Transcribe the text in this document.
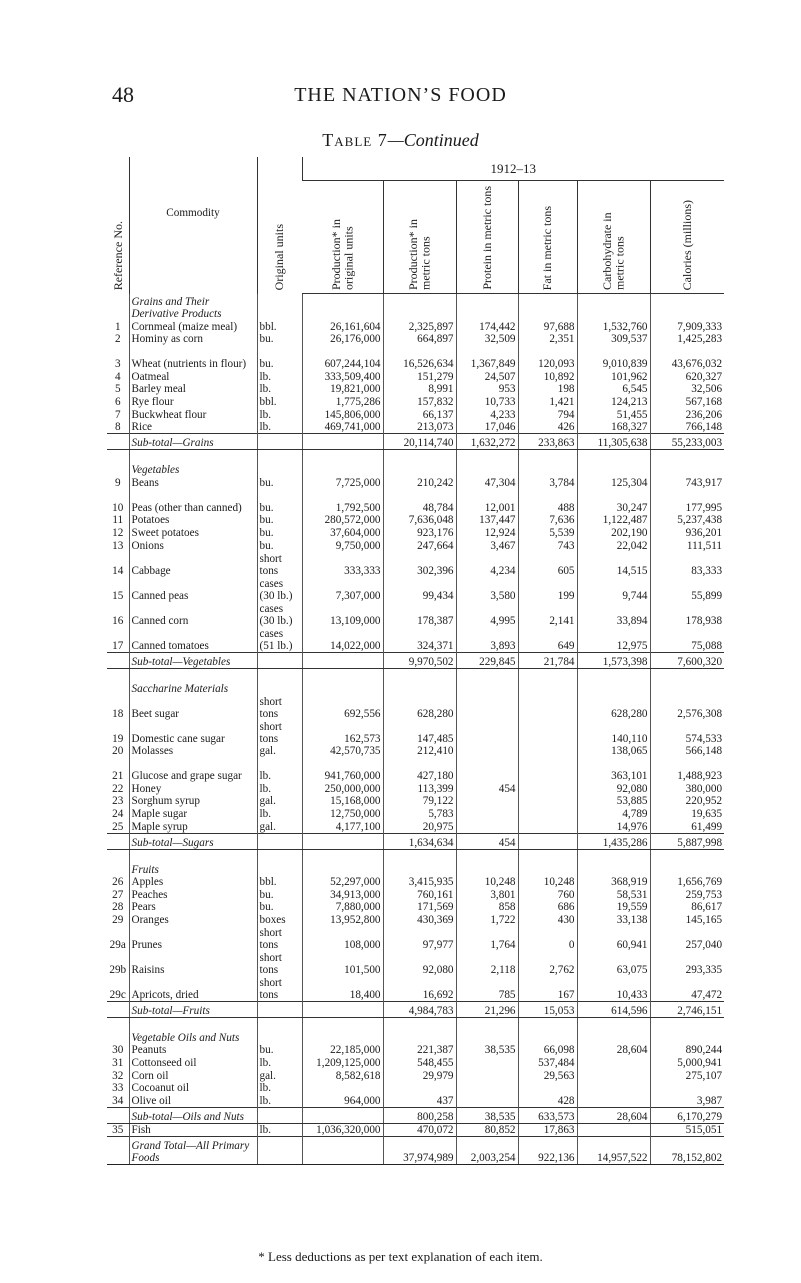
48	THE NATION’S FOOD
Table 7—Continued
Reference No.	Commodity	Original units	1912–13					
			Production* in original units	Production* in metric tons	Protein in metric tons	Fat in metric tons	Carbohydrate in metric tons	Calories (millions)
	Grains and Their Derivative Products							
1	Cornmeal (maize meal)	bbl.	26,161,604	2,325,897	174,442	97,688	1,532,760	7,909,333
2	Hominy as corn	bu.	26,176,000	664,897	32,509	2,351	309,537	1,425,283
3	Wheat (nutrients in flour)	bu.	607,244,104	16,526,634	1,367,849	120,093	9,010,839	43,676,032
4	Oatmeal	lb.	333,509,400	151,279	24,507	10,892	101,962	620,327
5	Barley meal	lb.	19,821,000	8,991	953	198	6,545	32,506
6	Rye flour	bbl.	1,775,286	157,832	10,733	1,421	124,213	567,168
7	Buckwheat flour	lb.	145,806,000	66,137	4,233	794	51,455	236,206
8	Rice	lb.	469,741,000	213,073	17,046	426	168,327	766,148
	Sub-total—Grains			20,114,740	1,632,272	233,863	11,305,638	55,233,003
	Vegetables							
9	Beans	bu.	7,725,000	210,242	47,304	3,784	125,304	743,917
10	Peas (other than canned)	bu.	1,792,500	48,784	12,001	488	30,247	177,995
11	Potatoes	bu.	280,572,000	7,636,048	137,447	7,636	1,122,487	5,237,438
12	Sweet potatoes	bu.	37,604,000	923,176	12,924	5,539	202,190	936,201
13	Onions	bu.	9,750,000	247,664	3,467	743	22,042	111,511
14	Cabbage	short tons	333,333	302,396	4,234	605	14,515	83,333
15	Canned peas	cases (30 lb.)	7,307,000	99,434	3,580	199	9,744	55,899
16	Canned corn	cases (30 lb.)	13,109,000	178,387	4,995	2,141	33,894	178,938
17	Canned tomatoes	cases (51 lb.)	14,022,000	324,371	3,893	649	12,975	75,088
	Sub-total—Vegetables			9,970,502	229,845	21,784	1,573,398	7,600,320
	Saccharine Materials							
18	Beet sugar	short tons	692,556	628,280			628,280	2,576,308
19	Domestic cane sugar	short tons	162,573	147,485			140,110	574,533
20	Molasses	gal.	42,570,735	212,410			138,065	566,148
21	Glucose and grape sugar	lb.	941,760,000	427,180			363,101	1,488,923
22	Honey	lb.	250,000,000	113,399	454		92,080	380,000
23	Sorghum syrup	gal.	15,168,000	79,122			53,885	220,952
24	Maple sugar	lb.	12,750,000	5,783			4,789	19,635
25	Maple syrup	gal.	4,177,100	20,975			14,976	61,499
	Sub-total—Sugars			1,634,634	454		1,435,286	5,887,998
	Fruits							
26	Apples	bbl.	52,297,000	3,415,935	10,248	10,248	368,919	1,656,769
27	Peaches	bu.	34,913,000	760,161	3,801	760	58,531	259,753
28	Pears	bu.	7,880,000	171,569	858	686	19,559	86,617
29	Oranges	boxes	13,952,800	430,369	1,722	430	33,138	145,165
29a	Prunes	short tons	108,000	97,977	1,764	0	60,941	257,040
29b	Raisins	short tons	101,500	92,080	2,118	2,762	63,075	293,335
29c	Apricots, dried	short tons	18,400	16,692	785	167	10,433	47,472
	Sub-total—Fruits			4,984,783	21,296	15,053	614,596	2,746,151
	Vegetable Oils and Nuts							
30	Peanuts	bu.	22,185,000	221,387	38,535	66,098	28,604	890,244
31	Cottonseed oil	lb.	1,209,125,000	548,455		537,484		5,000,941
32	Corn oil	gal.	8,582,618	29,979		29,563		275,107
33	Cocoanut oil	lb.						
34	Olive oil	lb.	964,000	437		428		3,987
	Sub-total—Oils and Nuts			800,258	38,535	633,573	28,604	6,170,279
35	Fish	lb.	1,036,320,000	470,072	80,852	17,863		515,051
	Grand Total—All Primary Foods			37,974,989	2,003,254	922,136	14,957,522	78,152,802
* Less deductions as per text explanation of each item.
